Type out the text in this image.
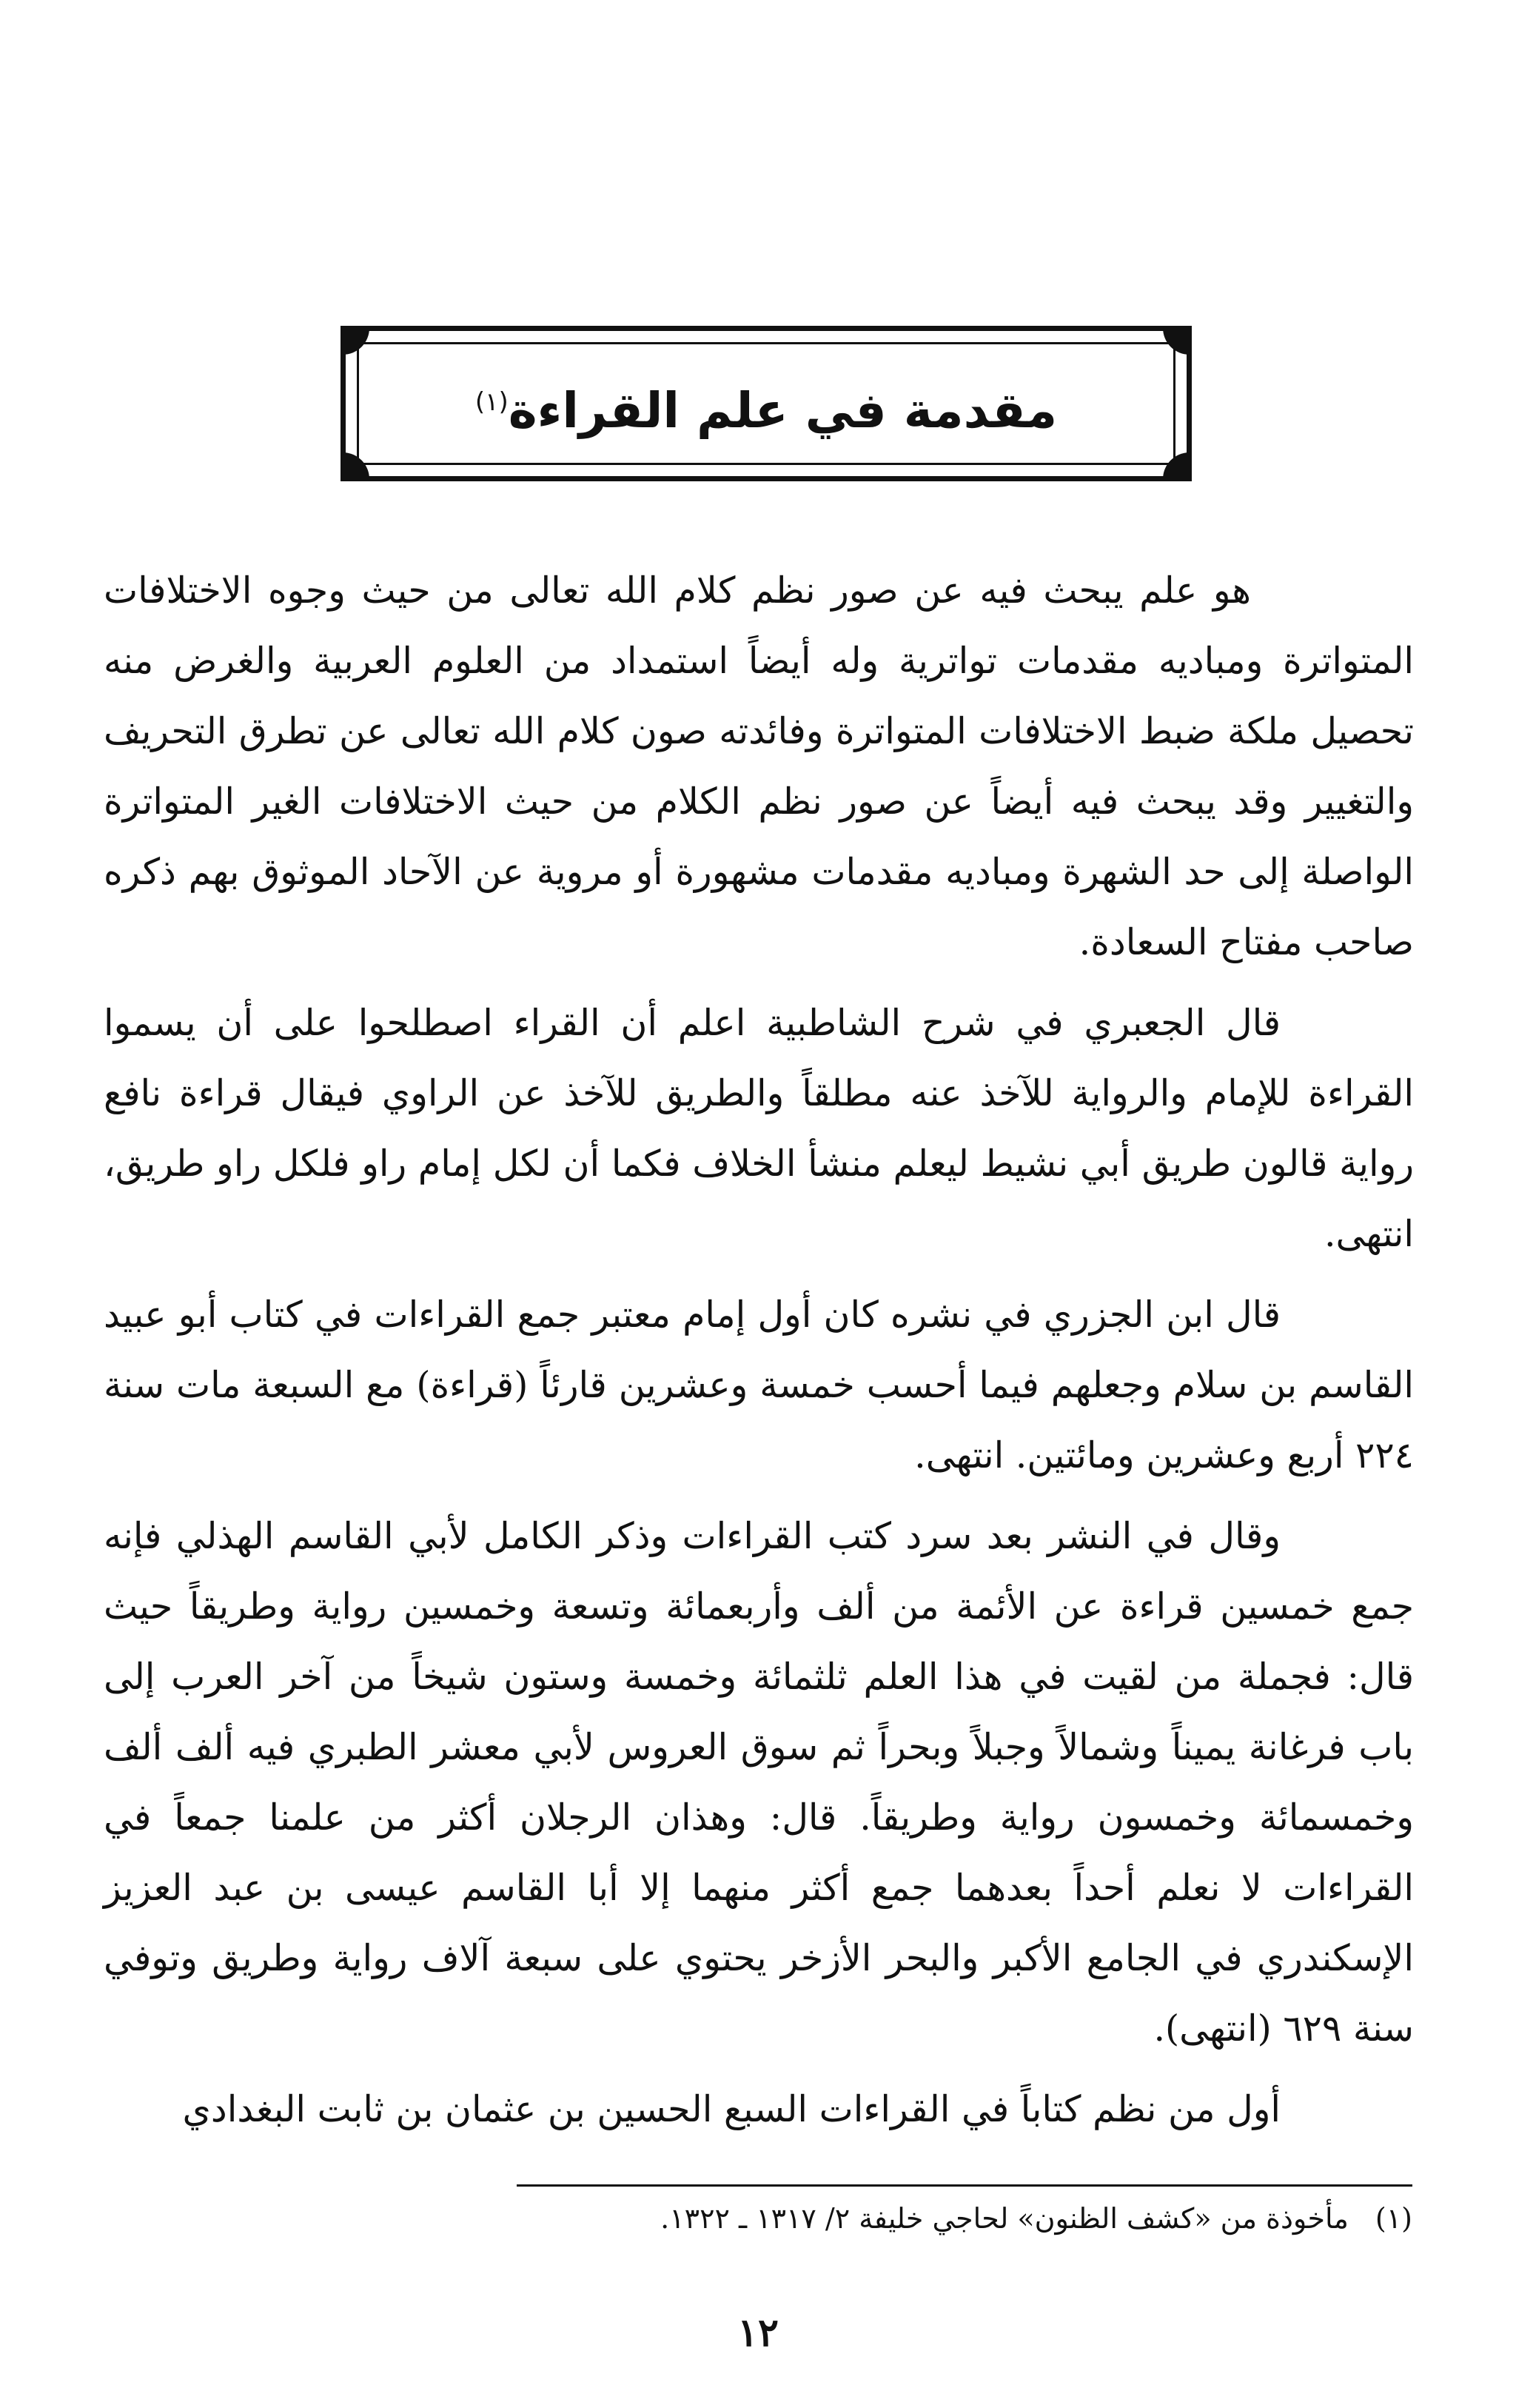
مقدمة في علم القراءة$^{(١)}$

هو علم يبحث فيه عن صور نظم كلام الله تعالى من حيث وجوه الاختلافات المتواترة ومباديه مقدمات تواترية وله أيضاً استمداد من العلوم العربية والغرض منه تحصيل ملكة ضبط الاختلافات المتواترة وفائدته صون كلام الله تعالى عن تطرق التحريف والتغيير وقد يبحث فيه أيضاً عن صور نظم الكلام من حيث الاختلافات الغير المتواترة الواصلة إلى حد الشهرة ومباديه مقدمات مشهورة أو مروية عن الآحاد الموثوق بهم ذكره صاحب مفتاح السعادة.

قال الجعبري في شرح الشاطبية اعلم أن القراء اصطلحوا على أن يسموا القراءة للإمام والرواية للآخذ عنه مطلقاً والطريق للآخذ عن الراوي فيقال قراءة نافع رواية قالون طريق أبي نشيط ليعلم منشأ الخلاف فكما أن لكل إمام راو فلكل راو طريق، انتهى.

قال ابن الجزري في نشره كان أول إمام معتبر جمع القراءات في كتاب أبو عبيد القاسم بن سلام وجعلهم فيما أحسب خمسة وعشرين قارئاً (قراءة) مع السبعة مات سنة ٢٢٤ أربع وعشرين ومائتين. انتهى.

وقال في النشر بعد سرد كتب القراءات وذكر الكامل لأبي القاسم الهذلي فإنه جمع خمسين قراءة عن الأئمة من ألف وأربعمائة وتسعة وخمسين رواية وطريقاً حيث قال: فجملة من لقيت في هذا العلم ثلثمائة وخمسة وستون شيخاً من آخر العرب إلى باب فرغانة يميناً وشمالاً وجبلاً وبحراً ثم سوق العروس لأبي معشر الطبري فيه ألف ألف وخمسمائة وخمسون رواية وطريقاً. قال: وهذان الرجلان أكثر من علمنا جمعاً في القراءات لا نعلم أحداً بعدهما جمع أكثر منهما إلا أبا القاسم عيسى بن عبد العزيز الإسكندري في الجامع الأكبر والبحر الأزخر يحتوي على سبعة آلاف رواية وطريق وتوفي سنة ٦٢٩ (انتهى).

أول من نظم كتاباً في القراءات السبع الحسين بن عثمان بن ثابت البغدادي

(١)مأخوذة من «كشف الظنون» لحاجي خليفة ٢/ ١٣١٧ ـ ١٣٢٢.
١٢
